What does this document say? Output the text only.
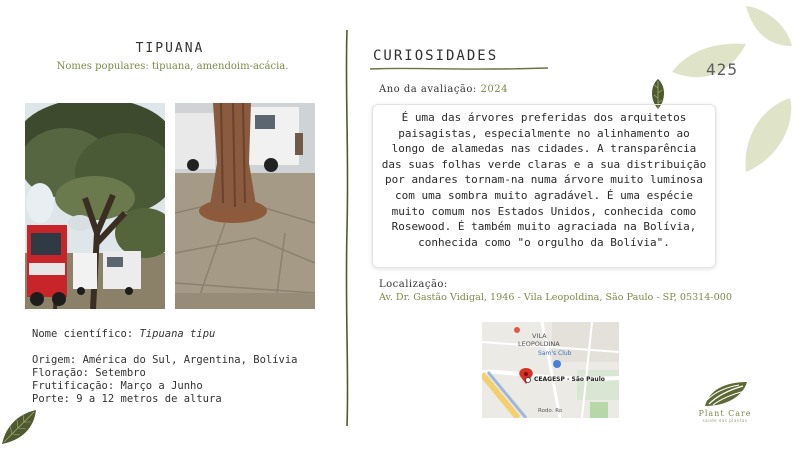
425
TIPUANA
Nomes populares: tipuana, amendoim-acácia.
Nome científico: Tipuana tipu
Origem: América do Sul, Argentina, Bolívia
Floração: Setembro
Frutificação: Março a Junho
Porte: 9 a 12 metros de altura
CURIOSIDADES
Ano da avaliação: 2024
É uma das árvores preferidas dos arquitetos paisagistas, especialmente no alinhamento ao longo de alamedas nas cidades. A transparência das suas folhas verde claras e a sua distribuição por andares tornam-na numa árvore muito luminosa com uma sombra muito agradável. É uma espécie muito comum nos Estados Unidos, conhecida como Rosewood. É também muito agraciada na Bolívia, conhecida como "o orgulho da Bolívia".
Localização:
Av. Dr. Gastão Vidigal, 1946 - Vila Leopoldina, São Paulo - SP, 05314-000
VILA
LEOPOLDINA
Sam's Club
CEAGESP - São Paulo
Rodo. Ro	Plant Care
saúde das plantas
